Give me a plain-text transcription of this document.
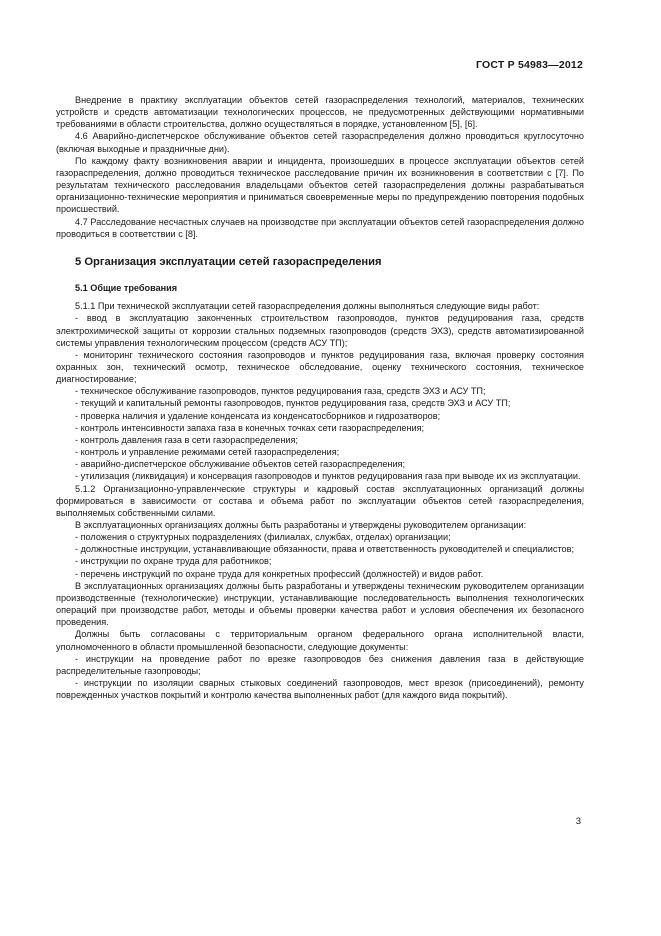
ГОСТ Р 54983—2012

Внедрение в практику эксплуатации объектов сетей газораспределения технологий, материалов, технических устройств и средств автоматизации технологических процессов, не предусмотренных действующими нормативными требованиями в области строительства, должно осуществляться в порядке, установленном [5], [6].

4.6 Аварийно-диспетчерское обслуживание объектов сетей газораспределения должно проводиться круглосуточно (включая выходные и праздничные дни).

По каждому факту возникновения аварии и инцидента, произошедших в процессе эксплуатации объектов сетей газораспределения, должно проводиться техническое расследование причин их возникновения в соответствии с [7]. По результатам технического расследования владельцами объектов сетей газораспределения должны разрабатываться организационно-технические мероприятия и приниматься своевременные меры по предупреждению повторения подобных происшествий.

4.7 Расследование несчастных случаев на производстве при эксплуатации объектов сетей газораспределения должно проводиться в соответствии с [8].

5 Организация эксплуатации сетей газораспределения

5.1 Общие требования

5.1.1 При технической эксплуатации сетей газораспределения должны выполняться следующие виды работ:

- ввод в эксплуатацию законченных строительством газопроводов, пунктов редуцирования газа, средств электрохимической защиты от коррозии стальных подземных газопроводов (средств ЭХЗ), средств автоматизированной системы управления технологическим процессом (средств АСУ ТП);

- мониторинг технического состояния газопроводов и пунктов редуцирования газа, включая проверку состояния охранных зон, технический осмотр, техническое обследование, оценку технического состояния, техническое диагностирование;

- техническое обслуживание газопроводов, пунктов редуцирования газа, средств ЭХЗ и АСУ ТП;

- текущий и капитальный ремонты газопроводов, пунктов редуцирования газа, средств ЭХЗ и АСУ ТП;

- проверка наличия и удаление конденсата из конденсатосборников и гидрозатворов;

- контроль интенсивности запаха газа в конечных точках сети газораспределения;

- контроль давления газа в сети газораспределения;

- контроль и управление режимами сетей газораспределения;

- аварийно-диспетчерское обслуживание объектов сетей газораспределения;

- утилизация (ликвидация) и консервация газопроводов и пунктов редуцирования газа при выводе их из эксплуатации.

5.1.2 Организационно-управленческие структуры и кадровый состав эксплуатационных организаций должны формироваться в зависимости от состава и объема работ по эксплуатации объектов сетей газораспределения, выполняемых собственными силами.

В эксплуатационных организациях должны быть разработаны и утверждены руководителем организации:

- положения о структурных подразделениях (филиалах, службах, отделах) организации;

- должностные инструкции, устанавливающие обязанности, права и ответственность руководителей и специалистов;

- инструкции по охране труда для работников;

- перечень инструкций по охране труда для конкретных профессий (должностей) и видов работ.

В эксплуатационных организациях должны быть разработаны и утверждены техническим руководителем организации производственные (технологические) инструкции, устанавливающие последовательность выполнения технологических операций при производстве работ, методы и объемы проверки качества работ и условия обеспечения их безопасного проведения.

Должны быть согласованы с территориальным органом федерального органа исполнительной власти, уполномоченного в области промышленной безопасности, следующие документы:

- инструкции на проведение работ по врезке газопроводов без снижения давления газа в действующие распределительные газопроводы;

- инструкции по изоляции сварных стыковых соединений газопроводов, мест врезок (присоединений), ремонту поврежденных участков покрытий и контролю качества выполненных работ (для каждого вида покрытий).

3
